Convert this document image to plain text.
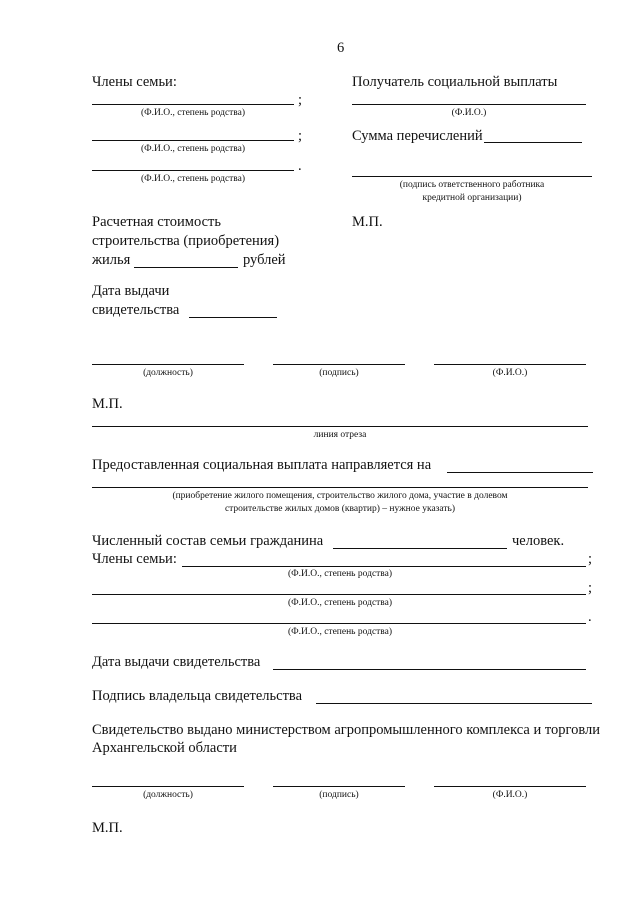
6
Члены семьи:
;
(Ф.И.О., степень родства)
;
(Ф.И.О., степень родства)
.
(Ф.И.О., степень родства)
Расчетная стоимость
строительства (приобретения)
жилья	рублей
Дата выдачи
свидетельства
Получатель социальной выплаты
(Ф.И.О.)
Сумма перечислений
(подпись ответственного работника
кредитной организации)
М.П.
(должность)	(подпись)	(Ф.И.О.)
М.П.
линия отреза
Предоставленная социальная выплата направляется на
(приобретение жилого помещения, строительство жилого дома, участие в долевом
строительстве жилых домов (квартир) – нужное указать)
Численный состав семьи гражданина	человек.
Члены семьи:	;
(Ф.И.О., степень родства)
;
(Ф.И.О., степень родства)
.
(Ф.И.О., степень родства)
Дата выдачи свидетельства
Подпись владельца свидетельства
Свидетельство выдано министерством агропромышленного комплекса и торговли
Архангельской области
(должность)	(подпись)	(Ф.И.О.)
М.П.
